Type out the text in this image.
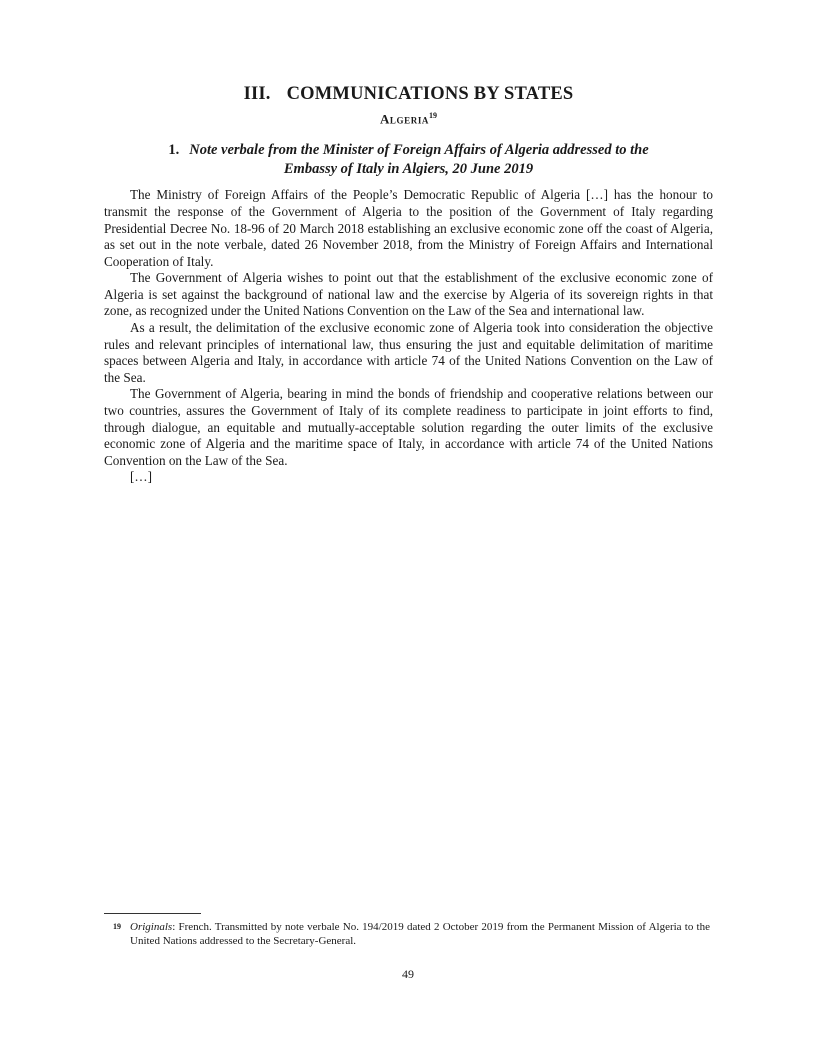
III. COMMUNICATIONS BY STATES
Algeria$^{19}$
1. Note verbale from the Minister of Foreign Affairs of Algeria addressed to the Embassy of Italy in Algiers, 20 June 2019

The Ministry of Foreign Affairs of the People’s Democratic Republic of Algeria […] has the honour to transmit the response of the Government of Algeria to the position of the Government of Italy regarding Presidential Decree No. 18-96 of 20 March 2018 establishing an exclusive economic zone off the coast of Algeria, as set out in the note verbale, dated 26 November 2018, from the Ministry of Foreign Affairs and International Cooperation of Italy.

The Government of Algeria wishes to point out that the establishment of the exclusive economic zone of Algeria is set against the background of national law and the exercise by Algeria of its sovereign rights in that zone, as recognized under the United Nations Convention on the Law of the Sea and international law.

As a result, the delimitation of the exclusive economic zone of Algeria took into consideration the objective rules and relevant principles of international law, thus ensuring the just and equitable delimitation of maritime spaces between Algeria and Italy, in accordance with article 74 of the United Nations Convention on the Law of the Sea.

The Government of Algeria, bearing in mind the bonds of friendship and cooperative relations between our two countries, assures the Government of Italy of its complete readiness to participate in joint efforts to find, through dialogue, an equitable and mutually-acceptable solution regarding the outer limits of the exclusive economic zone of Algeria and the maritime space of Italy, in accordance with article 74 of the United Nations Convention on the Law of the Sea.

[…]

19 Originals: French. Transmitted by note verbale No. 194/2019 dated 2 October 2019 from the Permanent Mission of Algeria to the United Nations addressed to the Secretary-General.
49
